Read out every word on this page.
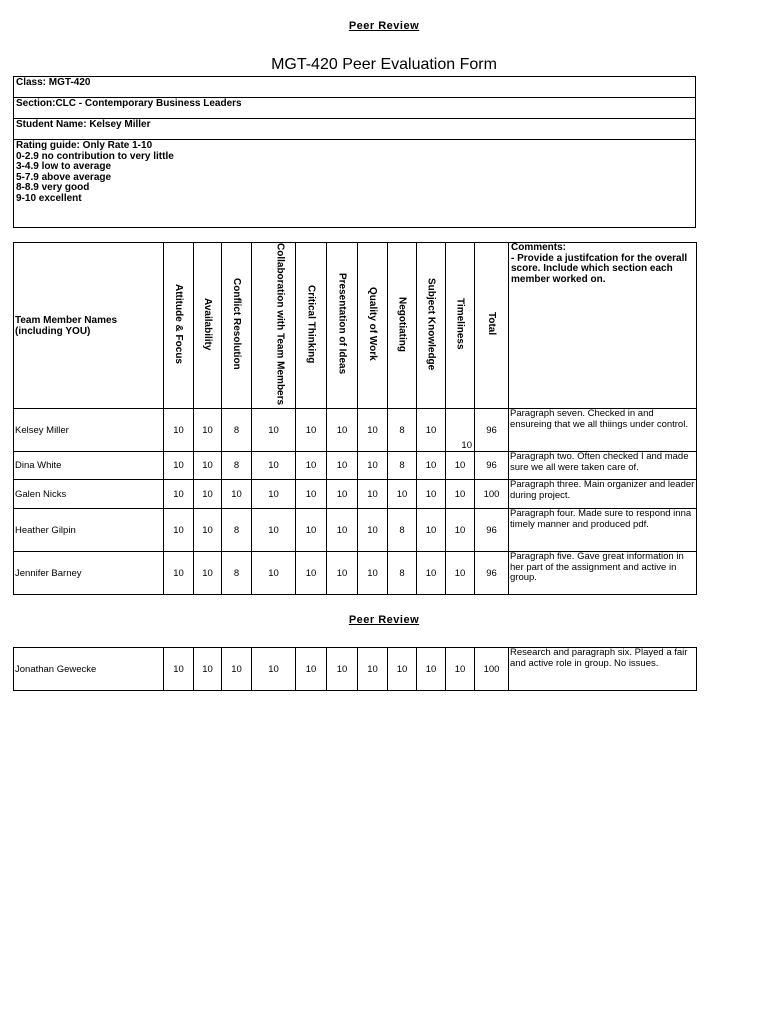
Peer Review
MGT-420 Peer Evaluation Form
Class: MGT-420
Section:CLC - Contemporary Business Leaders
Student Name: Kelsey Miller

Rating guide: Only Rate 1-10
0-2.9 no contribution to very little
3-4.9 low to average
5-7.9 above average
8-8.9 very good
9-10 excellent
Team Member Names (including YOU)	Attitude & Focus	Availability	Conflict Resolution	Collaboration with Team Members	Critical Thinking	Presentation of Ideas	Quality of Work	Negotiating	Subject Knowledge	Timeliness	Total	Comments:
- Provide a justifcation for the overall score. Include which section each member worked on.

Kelsey Miller	10	10	8	10	10	10	10	8	10	10	96	Paragraph seven. Checked in and ensureing that we all thiings under control.
Dina White	10	10	8	10	10	10	10	8	10	10	96	Paragraph two. Often checked I and made sure we all were taken care of.
Galen Nicks	10	10	10	10	10	10	10	10	10	10	100	Paragraph three. Main organizer and leader during project.
Heather Gilpin	10	10	8	10	10	10	10	8	10	10	96	Paragraph four. Made sure to respond inna timely manner and produced pdf.
Jennifer Barney	10	10	8	10	10	10	10	8	10	10	96	Paragraph five. Gave great information in her part of the assignment and active in group.
Peer Review
Jonathan Gewecke	10	10	10	10	10	10	10	10	10	10	100	Research and paragraph six. Played a fair and active role in group. No issues.
